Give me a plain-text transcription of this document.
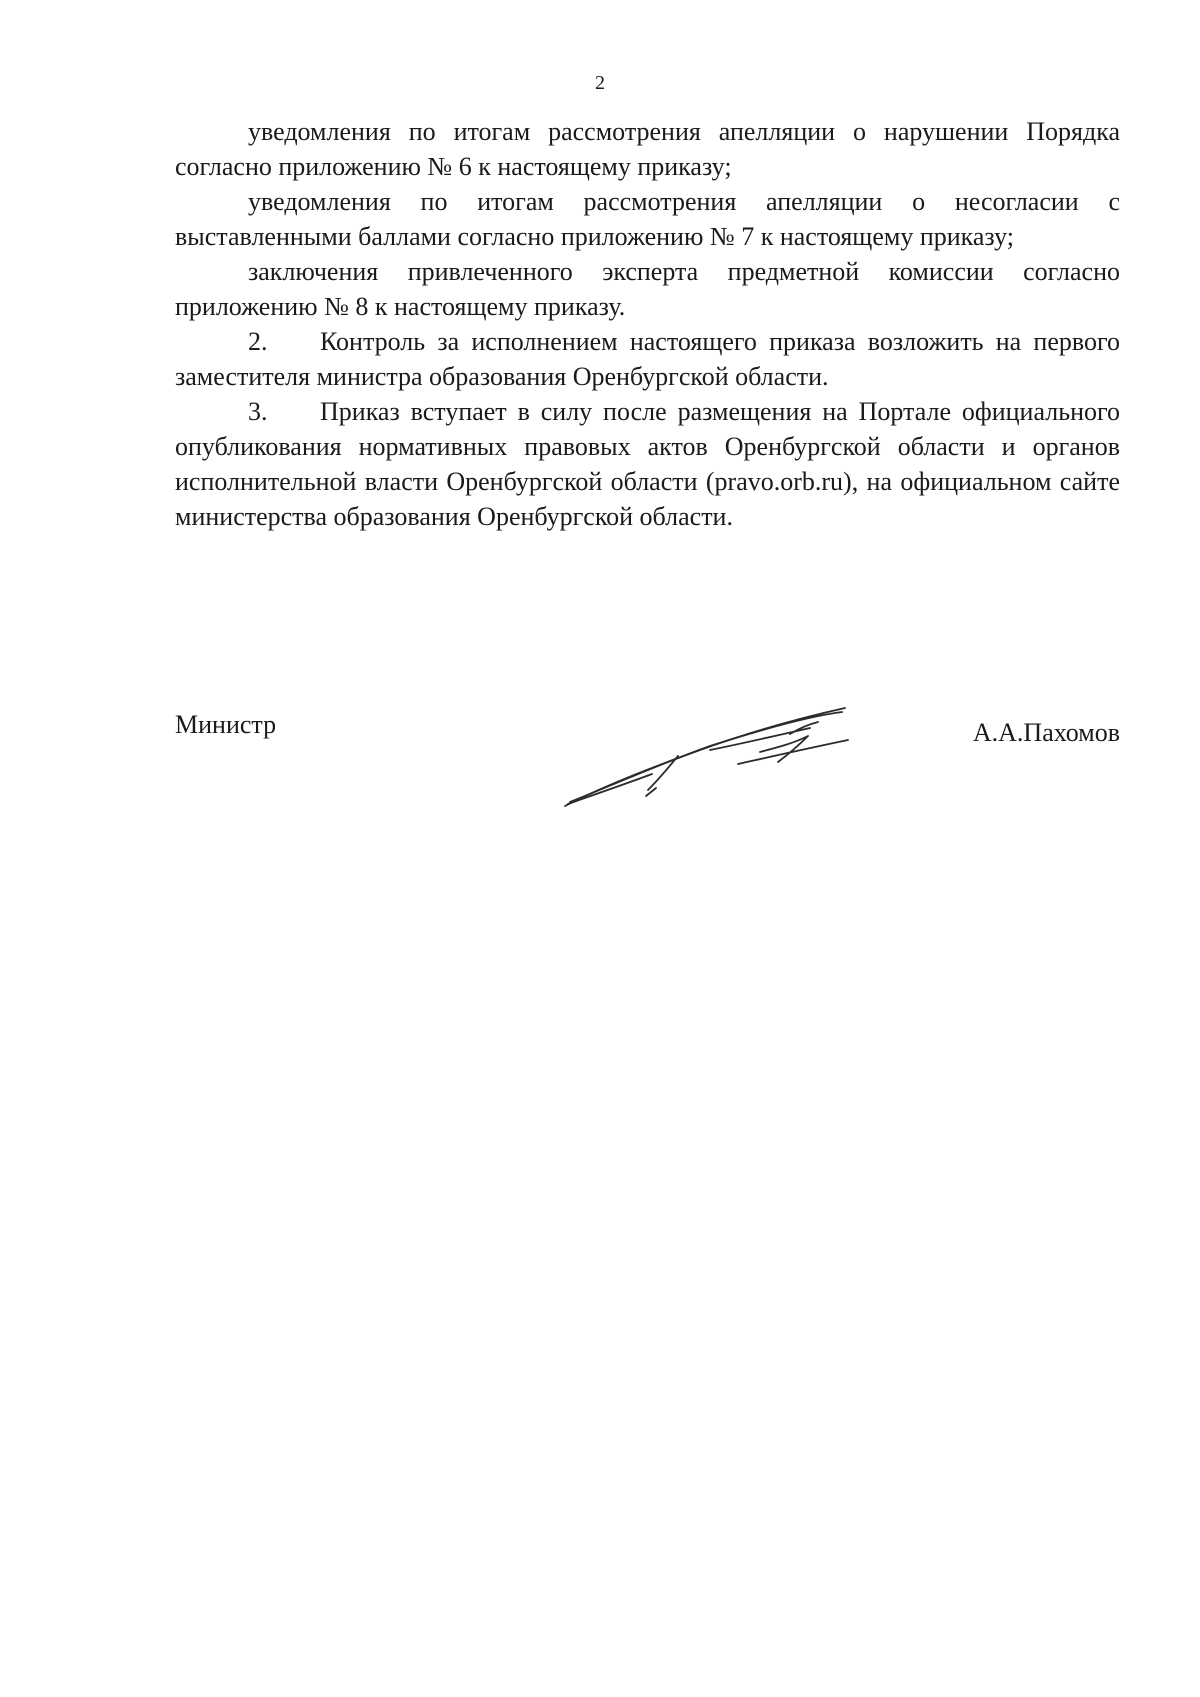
2

уведомления по итогам рассмотрения апелляции о нарушении Порядка согласно приложению № 6 к настоящему приказу;

уведомления по итогам рассмотрения апелляции о несогласии с выставленными баллами согласно приложению № 7 к настоящему приказу;

заключения привлеченного эксперта предметной комиссии согласно приложению № 8 к настоящему приказу.

2. Контроль за исполнением настоящего приказа возложить на первого заместителя министра образования Оренбургской области.

3. Приказ вступает в силу после размещения на Портале официального опубликования нормативных правовых актов Оренбургской области и органов исполнительной власти Оренбургской области (pravo.orb.ru), на официальном сайте министерства образования Оренбургской области.

Министр	А.А.Пахомов
